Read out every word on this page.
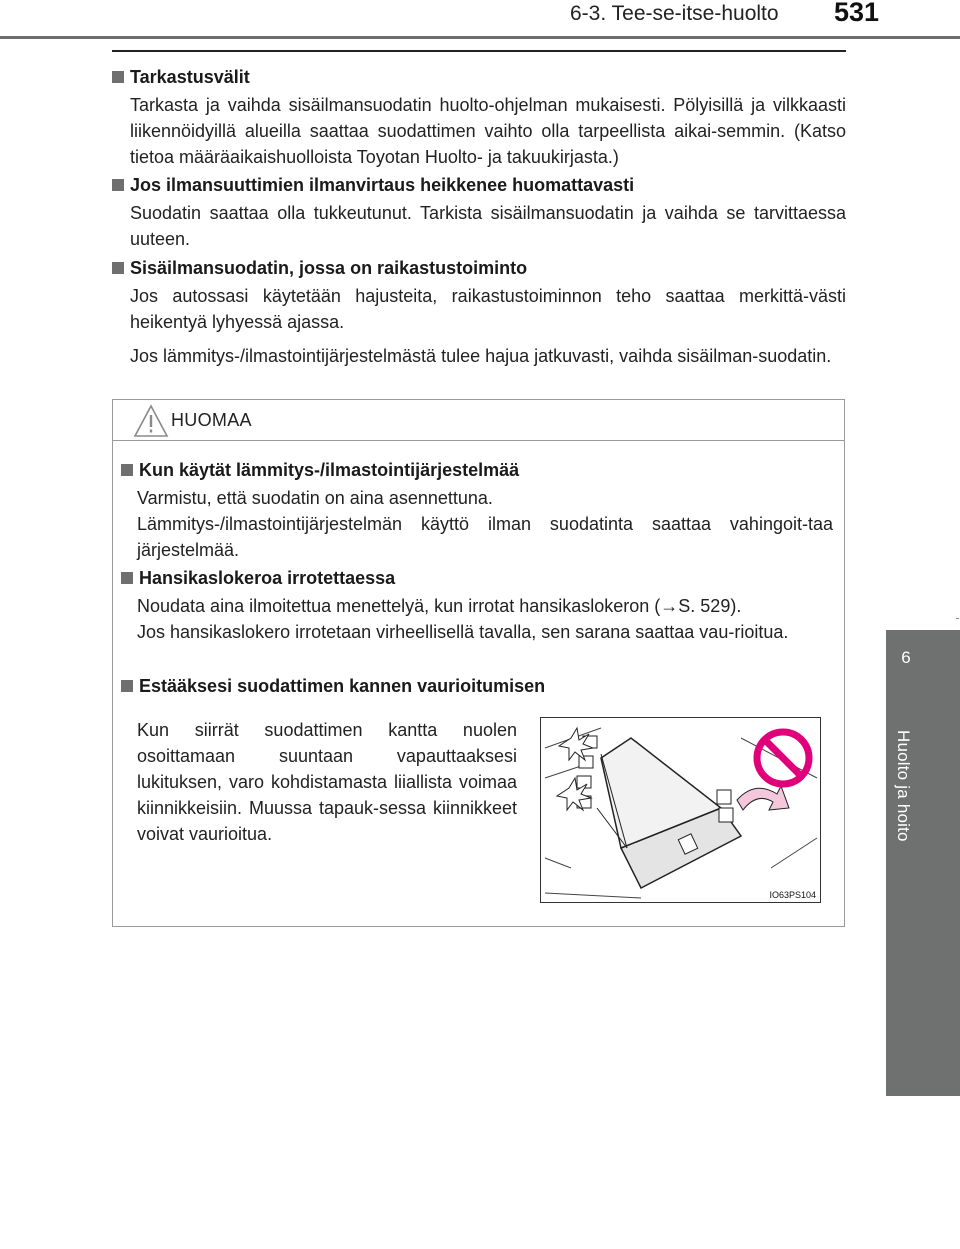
6-3. Tee-se-itse-huolto 531
6
Huolto ja hoito
Tarkastusvälit

Tarkasta ja vaihda sisäilmansuodatin huolto-ohjelman mukaisesti. Pölyisillä ja vilkkaasti liikennöidyillä alueilla saattaa suodattimen vaihto olla tarpeellista aikai-semmin. (Katso tietoa määräaikaishuolloista Toyotan Huolto- ja takuukirjasta.)

Jos ilmansuuttimien ilmanvirtaus heikkenee huomattavasti

Suodatin saattaa olla tukkeutunut. Tarkista sisäilmansuodatin ja vaihda se tarvittaessa uuteen.

Sisäilmansuodatin, jossa on raikastustoiminto

Jos autossasi käytetään hajusteita, raikastustoiminnon teho saattaa merkittä-västi heikentyä lyhyessä ajassa.

Jos lämmitys-/ilmastointijärjestelmästä tulee hajua jatkuvasti, vaihda sisäilman-suodatin.

HUOMAA
Kun käytät lämmitys-/ilmastointijärjestelmää
Varmistu, että suodatin on aina asennettuna.
Lämmitys-/ilmastointijärjestelmän käyttö ilman suodatinta saattaa vahingoit-taa järjestelmää.
Hansikaslokeroa irrotettaessa
Noudata aina ilmoitettua menettelyä, kun irrotat hansikaslokeron (→S. 529).
Jos hansikaslokero irrotetaan virheellisellä tavalla, sen sarana saattaa vau-rioitua.
Estääksesi suodattimen kannen vaurioitumisen
Kun siirrät suodattimen kantta nuolen osoittamaan suuntaan vapauttaaksesi lukituksen, varo kohdistamasta liiallista voimaa kiinnikkeisiin. Muussa tapauk-sessa kiinnikkeet voivat vaurioitua.
IO63PS104
